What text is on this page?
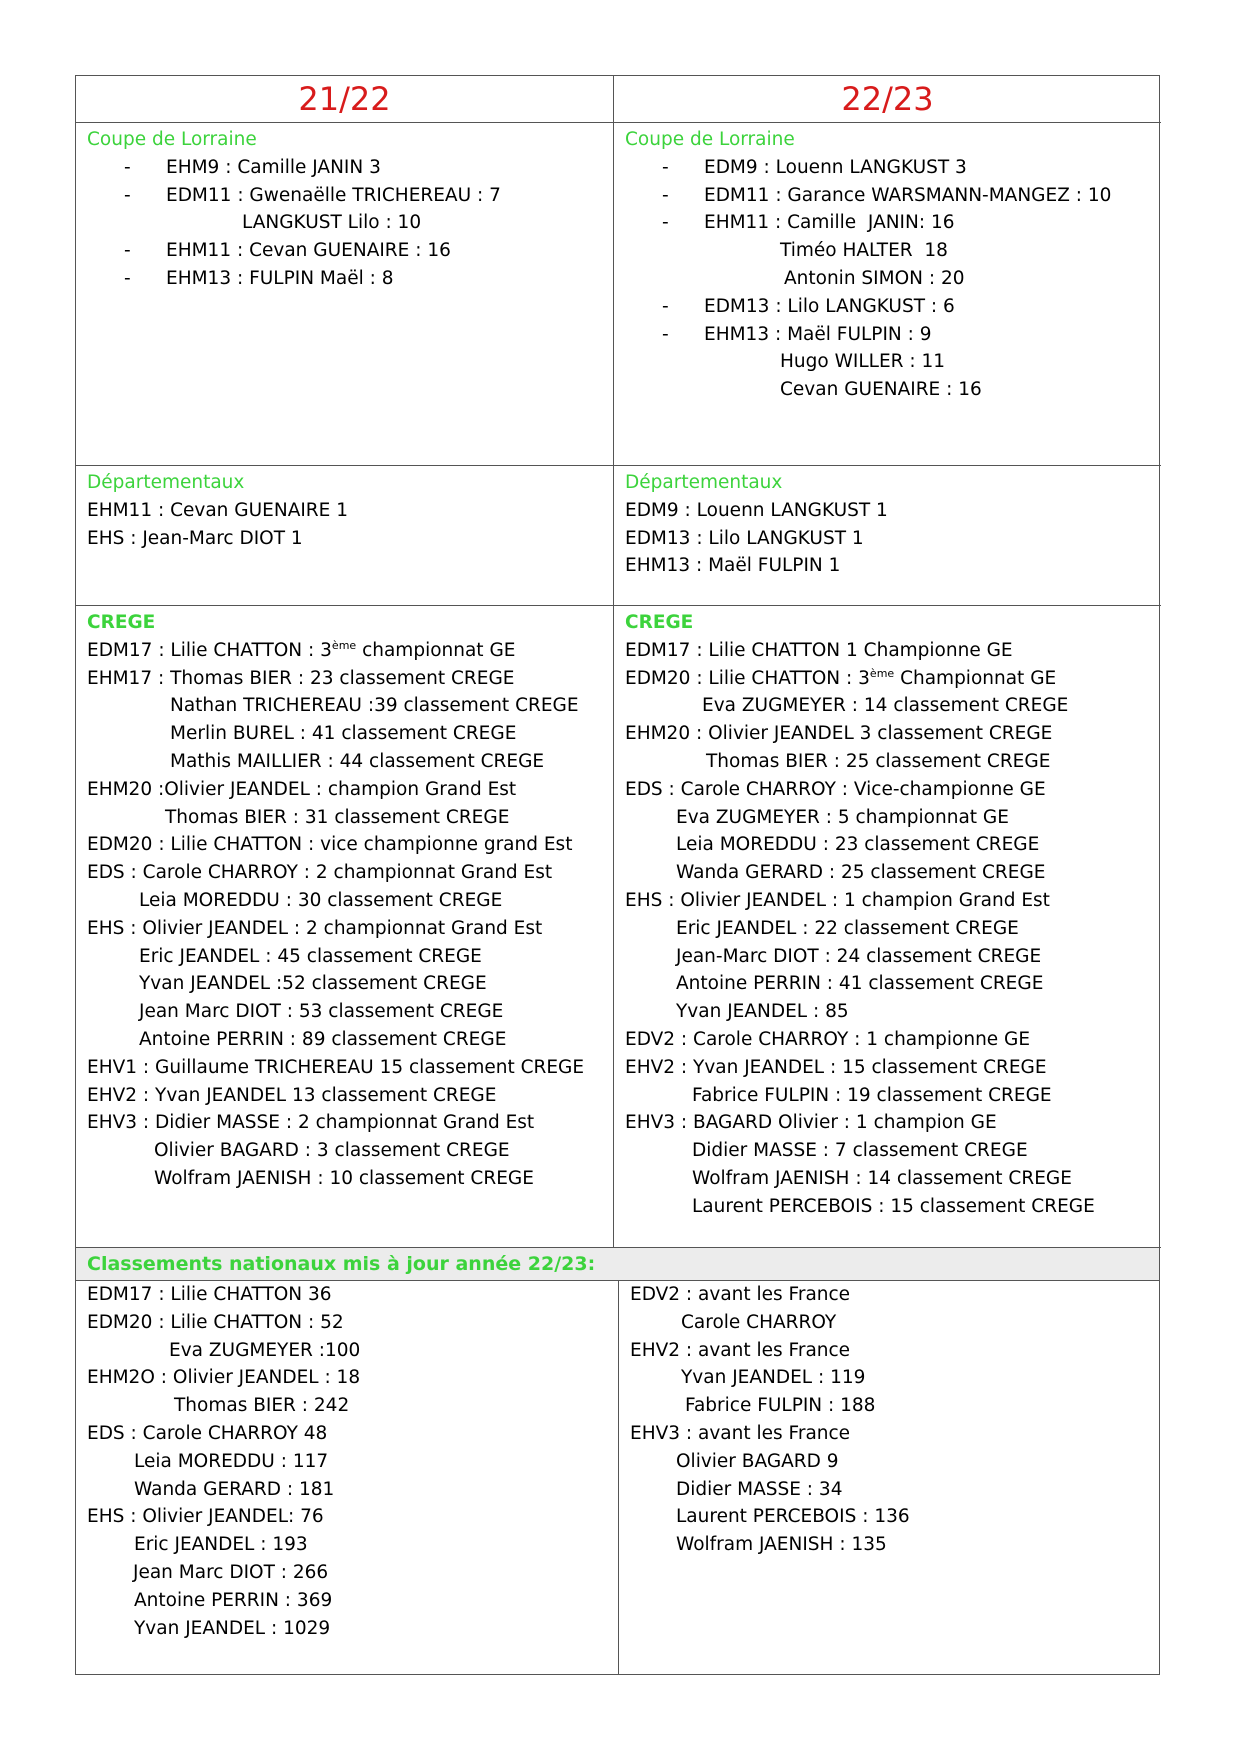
21/22	22/23
Coupe de Lorraine
- EHM9 : Camille JANIN 3
- EDM11 : Gwenaëlle TRICHEREAU : 7
LANGKUST Lilo : 10
- EHM11 : Cevan GUENAIRE : 16
- EHM13 : FULPIN Maël : 8
Coupe de Lorraine
- EDM9 : Louenn LANGKUST 3
- EDM11 : Garance WARSMANN-MANGEZ : 10
- EHM11 : Camille  JANIN: 16
Timéo HALTER  18
Antonin SIMON : 20
- EDM13 : Lilo LANGKUST : 6
- EHM13 : Maël FULPIN : 9
Hugo WILLER : 11
Cevan GUENAIRE : 16
Départementaux
EHM11 : Cevan GUENAIRE 1
EHS : Jean-Marc DIOT 1
Départementaux
EDM9 : Louenn LANGKUST 1
EDM13 : Lilo LANGKUST 1
EHM13 : Maël FULPIN 1
CREGE
EDM17 : Lilie CHATTON : 3ème championnat GE
EHM17 : Thomas BIER : 23 classement CREGE
Nathan TRICHEREAU :39 classement CREGE
Merlin BUREL : 41 classement CREGE
Mathis MAILLIER : 44 classement CREGE
EHM20 :Olivier JEANDEL : champion Grand Est
Thomas BIER : 31 classement CREGE
EDM20 : Lilie CHATTON : vice championne grand Est
EDS : Carole CHARROY : 2 championnat Grand Est
Leia MOREDDU : 30 classement CREGE
EHS : Olivier JEANDEL : 2 championnat Grand Est
Eric JEANDEL : 45 classement CREGE
Yvan JEANDEL :52 classement CREGE
Jean Marc DIOT : 53 classement CREGE
Antoine PERRIN : 89 classement CREGE
EHV1 : Guillaume TRICHEREAU 15 classement CREGE
EHV2 : Yvan JEANDEL 13 classement CREGE
EHV3 : Didier MASSE : 2 championnat Grand Est
Olivier BAGARD : 3 classement CREGE
Wolfram JAENISH : 10 classement CREGE
CREGE
EDM17 : Lilie CHATTON 1 Championne GE
EDM20 : Lilie CHATTON : 3ème Championnat GE
Eva ZUGMEYER : 14 classement CREGE
EHM20 : Olivier JEANDEL 3 classement CREGE
Thomas BIER : 25 classement CREGE
EDS : Carole CHARROY : Vice-championne GE
Eva ZUGMEYER : 5 championnat GE
Leia MOREDDU : 23 classement CREGE
Wanda GERARD : 25 classement CREGE
EHS : Olivier JEANDEL : 1 champion Grand Est
Eric JEANDEL : 22 classement CREGE
Jean-Marc DIOT : 24 classement CREGE
Antoine PERRIN : 41 classement CREGE
Yvan JEANDEL : 85
EDV2 : Carole CHARROY : 1 championne GE
EHV2 : Yvan JEANDEL : 15 classement CREGE
Fabrice FULPIN : 19 classement CREGE
EHV3 : BAGARD Olivier : 1 champion GE
Didier MASSE : 7 classement CREGE
Wolfram JAENISH : 14 classement CREGE
Laurent PERCEBOIS : 15 classement CREGE
Classements nationaux mis à jour année 22/23:
EDM17 : Lilie CHATTON 36
EDM20 : Lilie CHATTON : 52
Eva ZUGMEYER :100
EHM2O : Olivier JEANDEL : 18
Thomas BIER : 242
EDS : Carole CHARROY 48
Leia MOREDDU : 117
Wanda GERARD : 181
EHS : Olivier JEANDEL: 76
Eric JEANDEL : 193
Jean Marc DIOT : 266
Antoine PERRIN : 369
Yvan JEANDEL : 1029
EDV2 : avant les France
Carole CHARROY
EHV2 : avant les France
Yvan JEANDEL : 119
Fabrice FULPIN : 188
EHV3 : avant les France
Olivier BAGARD 9
Didier MASSE : 34
Laurent PERCEBOIS : 136
Wolfram JAENISH : 135
